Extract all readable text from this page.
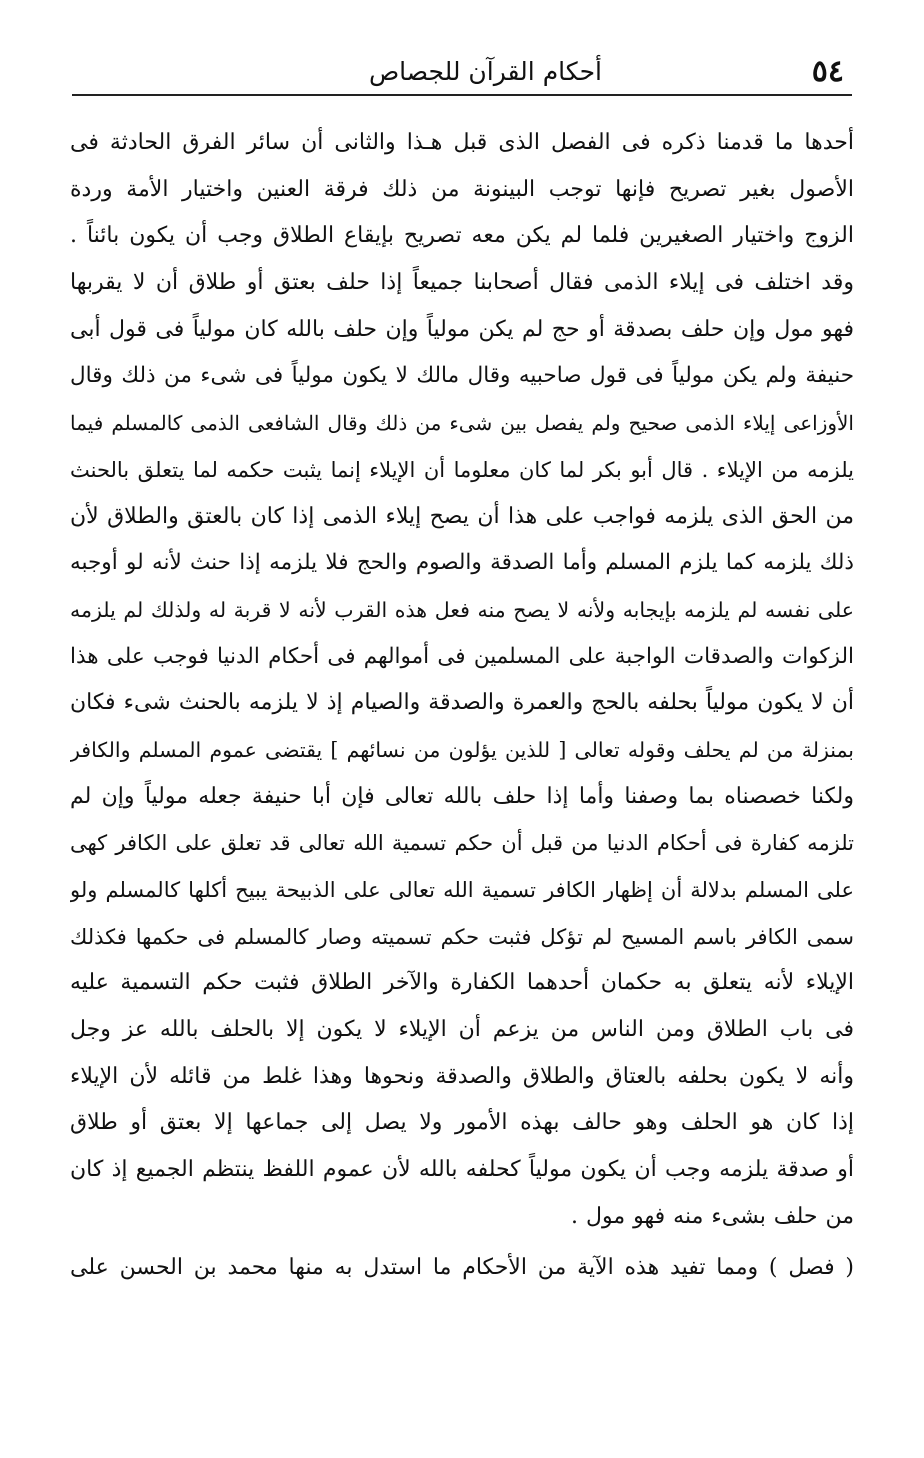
٥٤
أحكام القرآن للجصاص
أحدها ما قدمنا ذكره فى الفصل الذى قبل هـذا والثانى أن سائر الفرق الحادثة فى
الأصول بغير تصريح فإنها توجب البينونة من ذلك فرقة العنين واختيار الأمة وردة
الزوج واختيار الصغيرين فلما لم يكن معه تصريح بإيقاع الطلاق وجب أن يكون بائناً .
وقد اختلف فى إيلاء الذمى فقال أصحابنا جميعاً إذا حلف بعتق أو طلاق أن لا يقربها
فهو مول وإن حلف بصدقة أو حج لم يكن مولياً وإن حلف بالله كان مولياً فى قول أبى
حنيفة ولم يكن مولياً فى قول صاحبيه وقال مالك لا يكون مولياً فى شىء من ذلك وقال
الأوزاعى إيلاء الذمى صحيح ولم يفصل بين شىء من ذلك وقال الشافعى الذمى كالمسلم فيما
يلزمه من الإيلاء . قال أبو بكر لما كان معلوما أن الإيلاء إنما يثبت حكمه لما يتعلق بالحنث
من الحق الذى يلزمه فواجب على هذا أن يصح إيلاء الذمى إذا كان بالعتق والطلاق لأن
ذلك يلزمه كما يلزم المسلم وأما الصدقة والصوم والحج فلا يلزمه إذا حنث لأنه لو أوجبه
على نفسه لم يلزمه بإيجابه ولأنه لا يصح منه فعل هذه القرب لأنه لا قربة له ولذلك لم يلزمه
الزكوات والصدقات الواجبة على المسلمين فى أموالهم فى أحكام الدنيا فوجب على هذا
أن لا يكون مولياً بحلفه بالحج والعمرة والصدقة والصيام إذ لا يلزمه بالحنث شىء فكان
بمنزلة من لم يحلف وقوله تعالى [ للذين يؤلون من نسائهم ] يقتضى عموم المسلم والكافر
ولكنا خصصناه بما وصفنا وأما إذا حلف بالله تعالى فإن أبا حنيفة جعله مولياً وإن لم
تلزمه كفارة فى أحكام الدنيا من قبل أن حكم تسمية الله تعالى قد تعلق على الكافر كهى
على المسلم بدلالة أن إظهار الكافر تسمية الله تعالى على الذبيحة يبيح أكلها كالمسلم ولو
سمى الكافر باسم المسيح لم تؤكل فثبت حكم تسميته وصار كالمسلم فى حكمها فكذلك
الإيلاء لأنه يتعلق به حكمان أحدهما الكفارة والآخر الطلاق فثبت حكم التسمية عليه
فى باب الطلاق ومن الناس من يزعم أن الإيلاء لا يكون إلا بالحلف بالله عز وجل
وأنه لا يكون بحلفه بالعتاق والطلاق والصدقة ونحوها وهذا غلط من قائله لأن الإيلاء
إذا كان هو الحلف وهو حالف بهذه الأمور ولا يصل إلى جماعها إلا بعتق أو طلاق
أو صدقة يلزمه وجب أن يكون مولياً كحلفه بالله لأن عموم اللفظ ينتظم الجميع إذ كان
من حلف بشىء منه فهو مول .
( فصل ) ومما تفيد هذه الآية من الأحكام ما استدل به منها محمد بن الحسن على
